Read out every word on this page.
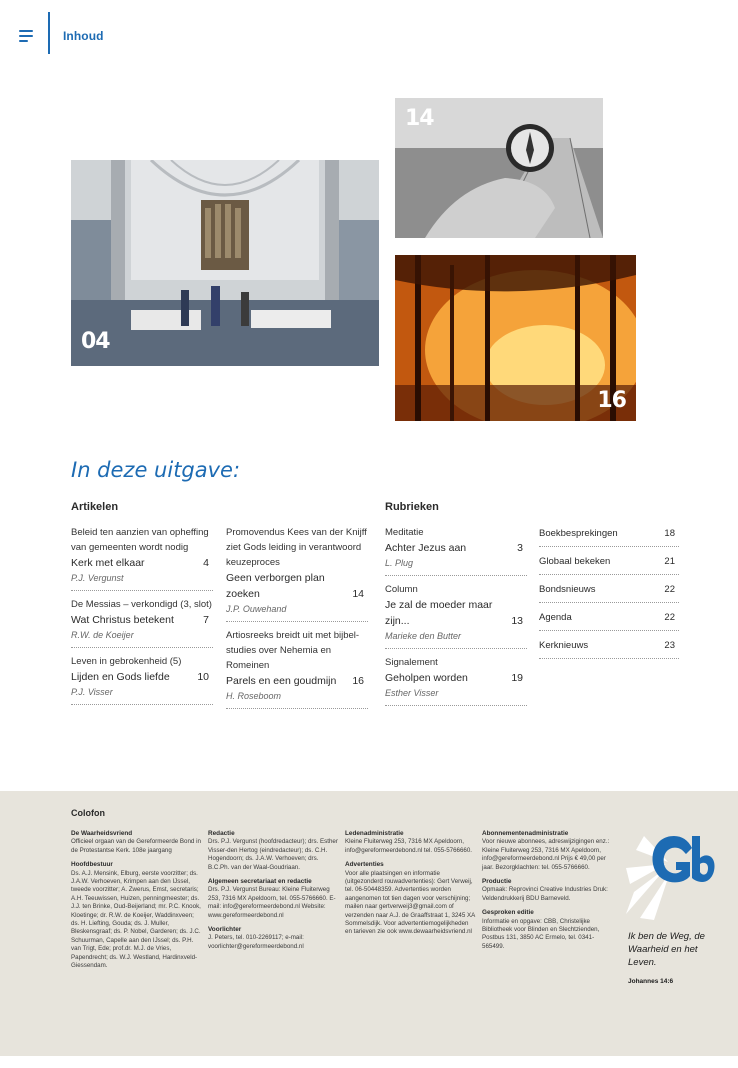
Inhoud
04
14
16
In deze uitgave:
Artikelen	Rubrieken
Beleid ten aanzien van opheffing van gemeenten wordt nodig
Kerk met elkaar	4
P.J. Vergunst
De Messias – verkondigd (3, slot)
Wat Christus betekent	7
R.W. de Koeijer
Leven in gebrokenheid (5)
Lijden en Gods liefde	10
P.J. Visser
Promovendus Kees van der Knijff ziet Gods leiding in verantwoord keuzeproces
Geen verborgen plan zoeken	14
J.P. Ouwehand
Artiosreeks breidt uit met bijbel-studies over Nehemia en Romeinen
Parels en een goudmijn 16
H. Roseboom
Meditatie
Achter Jezus aan	3
L. Plug
Column
Je zal de moeder maar zijn...	13
Marieke den Butter
Signalement
Geholpen worden	19
Esther Visser
Boekbesprekingen	18
Globaal bekeken	21
Bondsnieuws	22
Agenda	22
Kerknieuws	23
Colofon
De Waarheidsvriend
Officieel orgaan van de Gereformeerde Bond in de Protestantse Kerk. 108e jaargang
Hoofdbestuur
Ds. A.J. Mensink, Elburg, eerste voorzitter; ds. J.A.W. Verhoeven, Krimpen aan den IJssel, tweede voorzitter; A. Zwerus, Emst, secretaris; A.H. Teeuwissen, Huizen, penningmeester; ds. J.J. ten Brinke, Oud-Beijerland; mr. P.C. Knook, Kloetinge; dr. R.W. de Koeijer, Waddinxveen; ds. H. Liefting, Gouda; ds. J. Muller, Bleskensgraaf; ds. P. Nobel, Garderen; ds. J.C. Schuurman, Capelle aan den IJssel; ds. P.H. van Trigt, Ede; prof.dr. M.J. de Vries, Papendrecht; ds. W.J. Westland, Hardinxveld-Giessendam.
Redactie
Drs. P.J. Vergunst (hoofdredacteur); drs. Esther Visser-den Hertog (eindredacteur); ds. C.H. Hogendoorn; ds. J.A.W. Verhoeven; drs. B.C.Ph. van der Waal-Goudriaan.
Algemeen secretariaat en redactie
Drs. P.J. Vergunst Bureau: Kleine Fluiterweg 253, 7316 MX Apeldoorn, tel. 055-5766660. E-mail: info@gereformeerdebond.nl Website: www.gereformeerdebond.nl
Voorlichter
J. Peters, tel. 010-2269117; e-mail: voorlichter@gereformeerdebond.nl
Ledenadministratie
Kleine Fluiterweg 253, 7316 MX Apeldoorn, info@gereformeerdebond.nl tel. 055-5766660.
Advertenties
Voor alle plaatsingen en informatie (uitgezonderd rouwadvertenties): Gert Verweij, tel. 06-50448359. Advertenties worden aangenomen tot tien dagen voor verschijning; mailen naar gertverweij3@gmail.com of verzenden naar A.J. de Graaffstraat 1, 3245 XA Sommelsdijk. Voor advertentiemogelijkheden en tarieven zie ook www.dewaarheidsvriend.nl
Abonnementenadministratie
Voor nieuwe abonnees, adreswijzigingen enz.: Kleine Fluiterweg 253, 7316 MX Apeldoorn, info@gereformeerdebond.nl Prijs € 49,00 per jaar. Bezorgklachten: tel. 055-5766660.
Productie
Opmaak: Reprovinci Creative Industries Druk: Veldendrukkerij BDU Barneveld.
Gesproken editie
Informatie en opgave: CBB, Christelijke Bibliotheek voor Blinden en Slechtzienden, Postbus 131, 3850 AC Ermelo, tel. 0341-565499.
Ik ben de Weg, de Waarheid en het Leven.
Johannes 14:6
